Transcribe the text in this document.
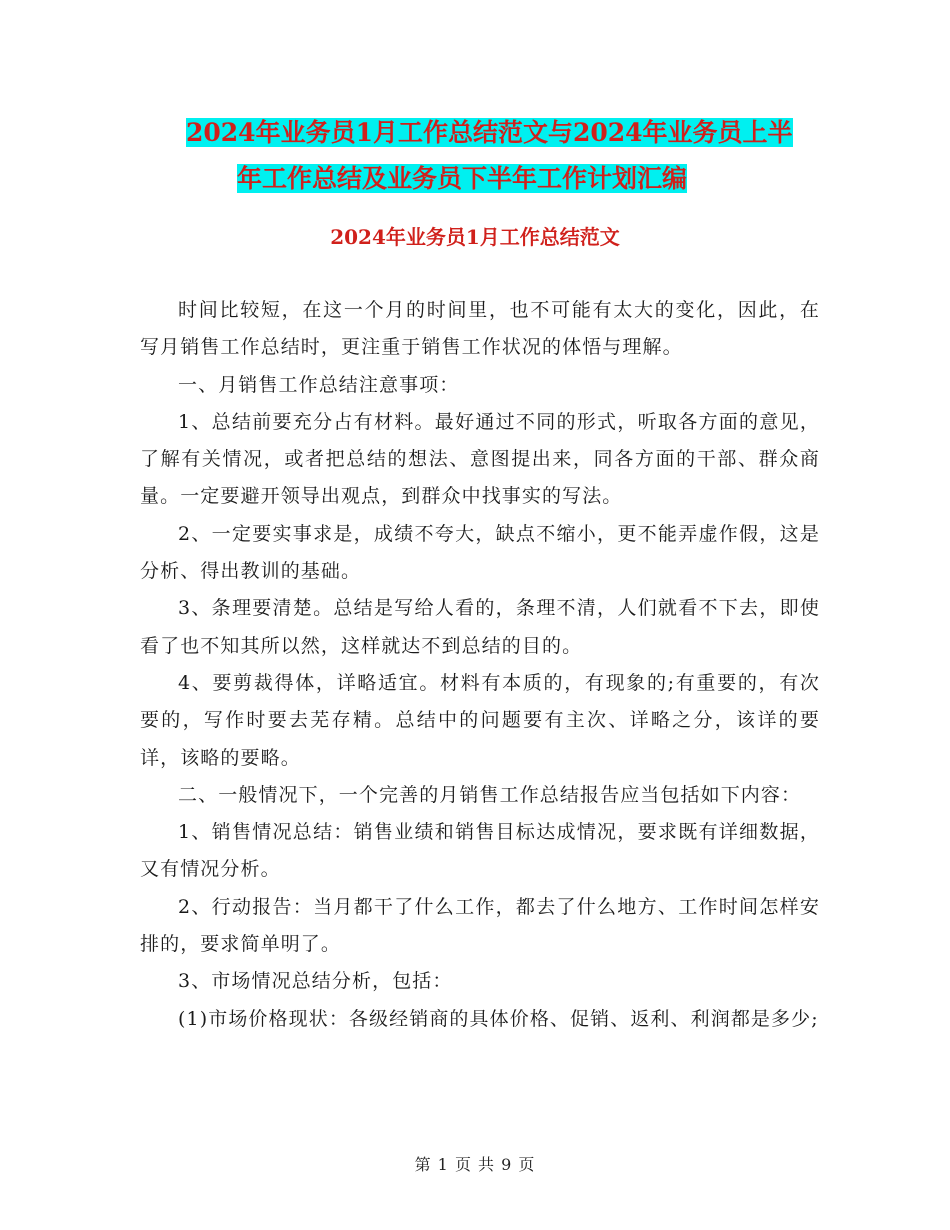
2024年业务员1月工作总结范文与2024年业务员上半
年工作总结及业务员下半年工作计划汇编
2024年业务员1月工作总结范文

时间比较短，在这一个月的时间里，也不可能有太大的变化，因此，在写月销售工作总结时，更注重于销售工作状况的体悟与理解。

一、月销售工作总结注意事项：

1、总结前要充分占有材料。最好通过不同的形式，听取各方面的意见，了解有关情况，或者把总结的想法、意图提出来，同各方面的干部、群众商量。一定要避开领导出观点，到群众中找事实的写法。

2、一定要实事求是，成绩不夸大，缺点不缩小，更不能弄虚作假，这是分析、得出教训的基础。

3、条理要清楚。总结是写给人看的，条理不清，人们就看不下去，即使看了也不知其所以然，这样就达不到总结的目的。

4、要剪裁得体，详略适宜。材料有本质的，有现象的;有重要的，有次要的，写作时要去芜存精。总结中的问题要有主次、详略之分，该详的要详，该略的要略。

二、一般情况下，一个完善的月销售工作总结报告应当包括如下内容：

1、销售情况总结：销售业绩和销售目标达成情况，要求既有详细数据，又有情况分析。

2、行动报告：当月都干了什么工作，都去了什么地方、工作时间怎样安排的，要求简单明了。

3、市场情况总结分析，包括：

(1)市场价格现状：各级经销商的具体价格、促销、返利、利润都是多少;

第 1 页 共 9 页
